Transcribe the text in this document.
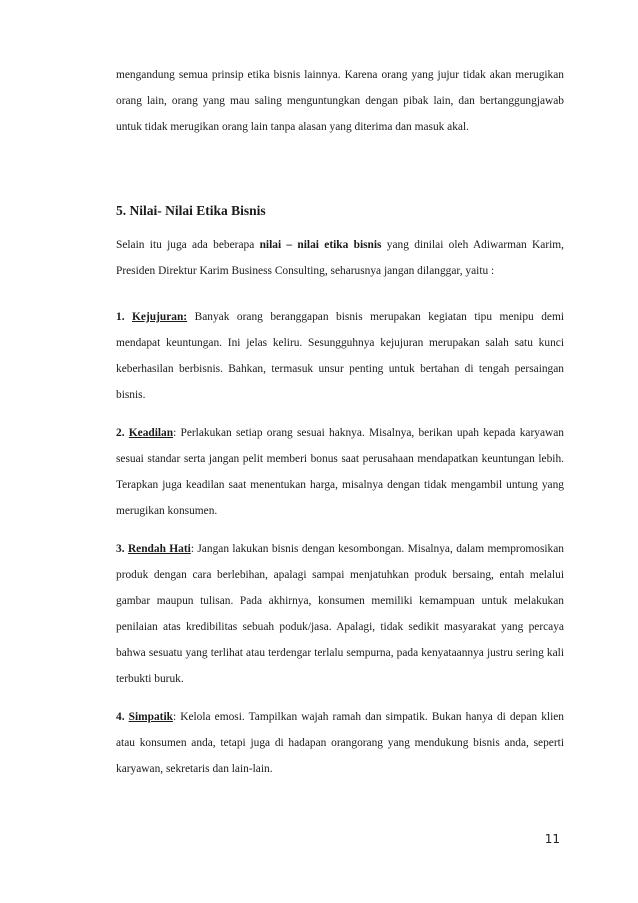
mengandung semua prinsip etika bisnis lainnya. Karena orang yang jujur tidak akan merugikan orang lain, orang yang mau saling menguntungkan dengan pibak lain, dan bertanggungjawab untuk tidak merugikan orang lain tanpa alasan yang diterima dan masuk akal.

5. Nilai- Nilai Etika Bisnis

Selain itu juga ada beberapa nilai – nilai etika bisnis yang dinilai oleh Adiwarman Karim, Presiden Direktur Karim Business Consulting, seharusnya jangan dilanggar, yaitu :

1. Kejujuran: Banyak orang beranggapan bisnis merupakan kegiatan tipu menipu demi mendapat keuntungan. Ini jelas keliru. Sesungguhnya kejujuran merupakan salah satu kunci keberhasilan berbisnis. Bahkan, termasuk unsur penting untuk bertahan di tengah persaingan bisnis.

2. Keadilan: Perlakukan setiap orang sesuai haknya. Misalnya, berikan upah kepada karyawan sesuai standar serta jangan pelit memberi bonus saat perusahaan mendapatkan keuntungan lebih. Terapkan juga keadilan saat menentukan harga, misalnya dengan tidak mengambil untung yang merugikan konsumen.

3. Rendah Hati: Jangan lakukan bisnis dengan kesombongan. Misalnya, dalam mempromosikan produk dengan cara berlebihan, apalagi sampai menjatuhkan produk bersaing, entah melalui gambar maupun tulisan. Pada akhirnya, konsumen memiliki kemampuan untuk melakukan penilaian atas kredibilitas sebuah poduk/jasa. Apalagi, tidak sedikit masyarakat yang percaya bahwa sesuatu yang terlihat atau terdengar terlalu sempurna, pada kenyataannya justru sering kali terbukti buruk.

4. Simpatik: Kelola emosi. Tampilkan wajah ramah dan simpatik. Bukan hanya di depan klien atau konsumen anda, tetapi juga di hadapan orangorang yang mendukung bisnis anda, seperti karyawan, sekretaris dan lain-lain.

11
